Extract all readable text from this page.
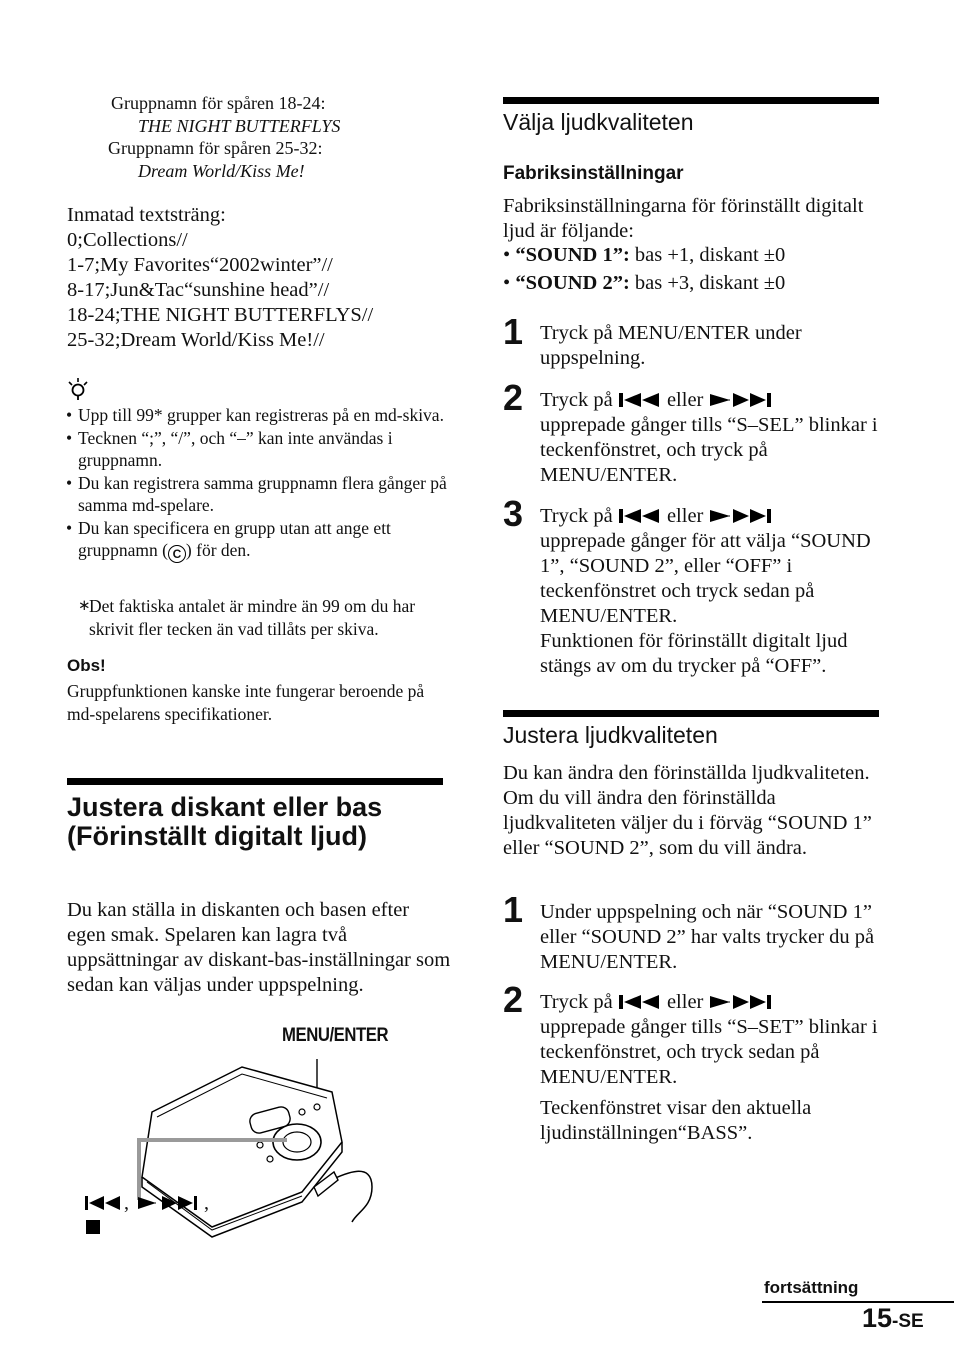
Gruppnamn för spåren 18-24:
THE NIGHT BUTTERFLYS
Gruppnamn för spåren 25-32:
Dream World/Kiss Me!
Inmatad textsträng:
0;Collections//
1-7;My Favorites“2002winter”//
8-17;Jun&Tac“sunshine head”//
18-24;THE NIGHT BUTTERFLYS//
25-32;Dream World/Kiss Me!//
• Upp till 99* grupper kan registreras på en md-skiva.
• Tecknen “;”, “/”, och “–” kan inte användas i gruppnamn.
• Du kan registrera samma gruppnamn flera gånger på samma md-spelare.
• Du kan specificera en grupp utan att ange ett gruppnamn ( C ) för den.
∗
Det faktiska antalet är mindre än 99 om du har skrivit fler tecken än vad tillåts per skiva.
Obs!
Gruppfunktionen kanske inte fungerar beroende på md-spelarens specifikationer.
Justera diskant eller bas (Förinställt digitalt ljud)
Du kan ställa in diskanten och basen efter egen smak. Spelaren kan lagra två uppsättningar av diskant-bas-inställningar som sedan kan väljas under uppspelning.
MENU/ENTER
,	,
Välja ljudkvaliteten
Fabriksinställningar
Fabriksinställningarna för förinställt digitalt ljud är följande:
• “SOUND 1”: bas +1, diskant ±0
• “SOUND 2”: bas +3, diskant ±0
1 Tryck på MENU/ENTER under uppspelning.
2 Tryck på	eller
upprepade gånger tills “S–SEL” blinkar i teckenfönstret, och tryck på MENU/ENTER.
3 Tryck på	eller
upprepade gånger för att välja “SOUND 1”, “SOUND 2”, eller “OFF” i teckenfönstret och tryck sedan på MENU/ENTER.
Funktionen för förinställt digitalt ljud stängs av om du trycker på “OFF”.
Justera ljudkvaliteten
Du kan ändra den förinställda ljudkvaliteten. Om du vill ändra den förinställda ljudkvaliteten väljer du i förväg “SOUND 1” eller “SOUND 2”, som du vill ändra.
1 Under uppspelning och när “SOUND 1” eller “SOUND 2” har valts trycker du på MENU/ENTER.
2 Tryck på	eller
upprepade gånger tills “S–SET” blinkar i teckenfönstret, och tryck sedan på MENU/ENTER.
Teckenfönstret visar den aktuella ljudinställningen“BASS”.
fortsättning
15-SE
